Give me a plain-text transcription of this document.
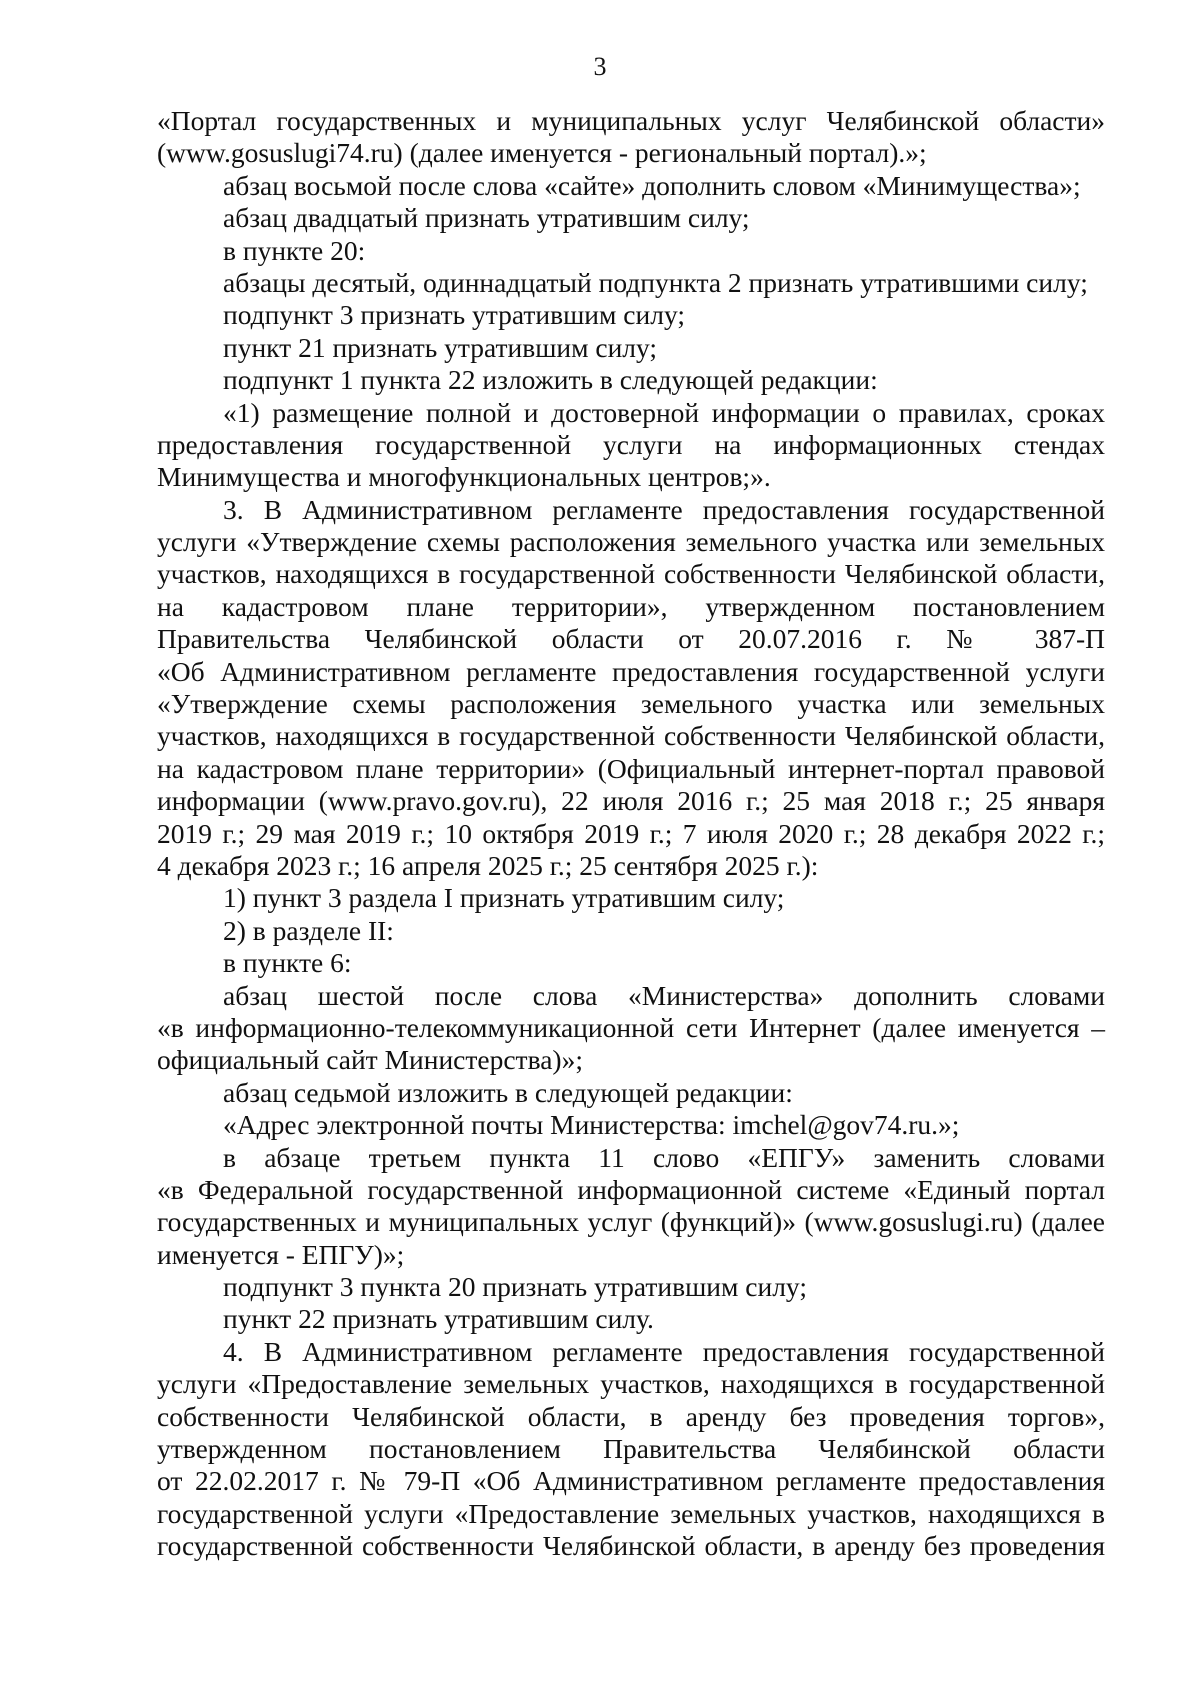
3
«Портал государственных и муниципальных услуг Челябинской области»
(www.gosuslugi74.ru) (далее именуется - региональный портал).»;
абзац восьмой после слова «сайте» дополнить словом «Минимущества»;
абзац двадцатый признать утратившим силу;
в пункте 20:
абзацы десятый, одиннадцатый подпункта 2 признать утратившими силу;
подпункт 3 признать утратившим силу;
пункт 21 признать утратившим силу;
подпункт 1 пункта 22 изложить в следующей редакции:
«1) размещение полной и достоверной информации о правилах, сроках
предоставления государственной услуги на информационных стендах
Минимущества и многофункциональных центров;».
3. В Административном регламенте предоставления государственной
услуги «Утверждение схемы расположения земельного участка или земельных
участков, находящихся в государственной собственности Челябинской области,
на кадастровом плане территории», утвержденном постановлением
Правительства Челябинской области от 20.07.2016 г. № 387-П
«Об Административном регламенте предоставления государственной услуги
«Утверждение схемы расположения земельного участка или земельных
участков, находящихся в государственной собственности Челябинской области,
на кадастровом плане территории» (Официальный интернет-портал правовой
информации (www.pravo.gov.ru), 22 июля 2016 г.; 25 мая 2018 г.; 25 января
2019 г.; 29 мая 2019 г.; 10 октября 2019 г.; 7 июля 2020 г.; 28 декабря 2022 г.;
4 декабря 2023 г.; 16 апреля 2025 г.; 25 сентября 2025 г.):
1) пункт 3 раздела I признать утратившим силу;
2) в разделе II:
в пункте 6:
абзац шестой после слова «Министерства» дополнить словами
«в информационно-телекоммуникационной сети Интернет (далее именуется –
официальный сайт Министерства)»;
абзац седьмой изложить в следующей редакции:
«Адрес электронной почты Министерства: imchel@gov74.ru.»;
в абзаце третьем пункта 11 слово «ЕПГУ» заменить словами
«в Федеральной государственной информационной системе «Единый портал
государственных и муниципальных услуг (функций)» (www.gosuslugi.ru) (далее
именуется - ЕПГУ)»;
подпункт 3 пункта 20 признать утратившим силу;
пункт 22 признать утратившим силу.
4. В Административном регламенте предоставления государственной
услуги «Предоставление земельных участков, находящихся в государственной
собственности Челябинской области, в аренду без проведения торгов»,
утвержденном постановлением Правительства Челябинской области
от 22.02.2017 г. № 79-П «Об Административном регламенте предоставления
государственной услуги «Предоставление земельных участков, находящихся в
государственной собственности Челябинской области, в аренду без проведения
